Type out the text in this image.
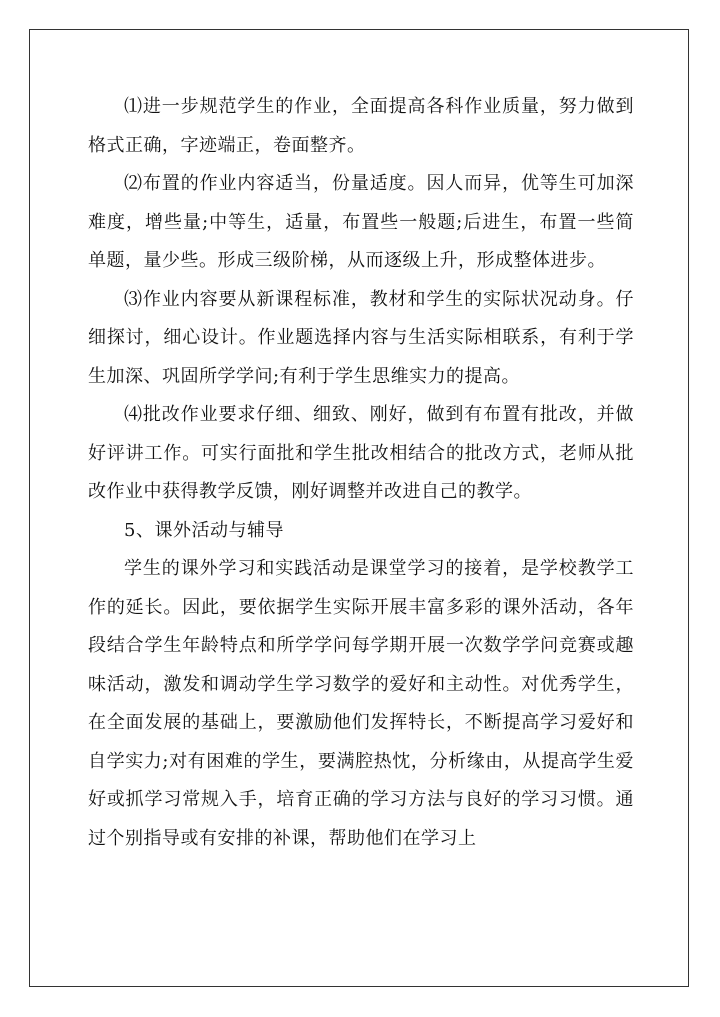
⑴进一步规范学生的作业，全面提高各科作业质量，努力做到格式正确，字迹端正，卷面整齐。

⑵布置的作业内容适当，份量适度。因人而异，优等生可加深难度，增些量;中等生，适量，布置些一般题;后进生，布置一些简单题，量少些。形成三级阶梯，从而逐级上升，形成整体进步。

⑶作业内容要从新课程标准，教材和学生的实际状况动身。仔细探讨，细心设计。作业题选择内容与生活实际相联系，有利于学生加深、巩固所学学问;有利于学生思维实力的提高。

⑷批改作业要求仔细、细致、刚好，做到有布置有批改，并做好评讲工作。可实行面批和学生批改相结合的批改方式，老师从批改作业中获得教学反馈，刚好调整并改进自己的教学。

5、课外活动与辅导

学生的课外学习和实践活动是课堂学习的接着，是学校教学工作的延长。因此，要依据学生实际开展丰富多彩的课外活动，各年段结合学生年龄特点和所学学问每学期开展一次数学学问竞赛或趣味活动，激发和调动学生学习数学的爱好和主动性。对优秀学生，在全面发展的基础上，要激励他们发挥特长，不断提高学习爱好和自学实力;对有困难的学生，要满腔热忱，分析缘由，从提高学生爱好或抓学习常规入手，培育正确的学习方法与良好的学习习惯。通过个别指导或有安排的补课，帮助他们在学习上
